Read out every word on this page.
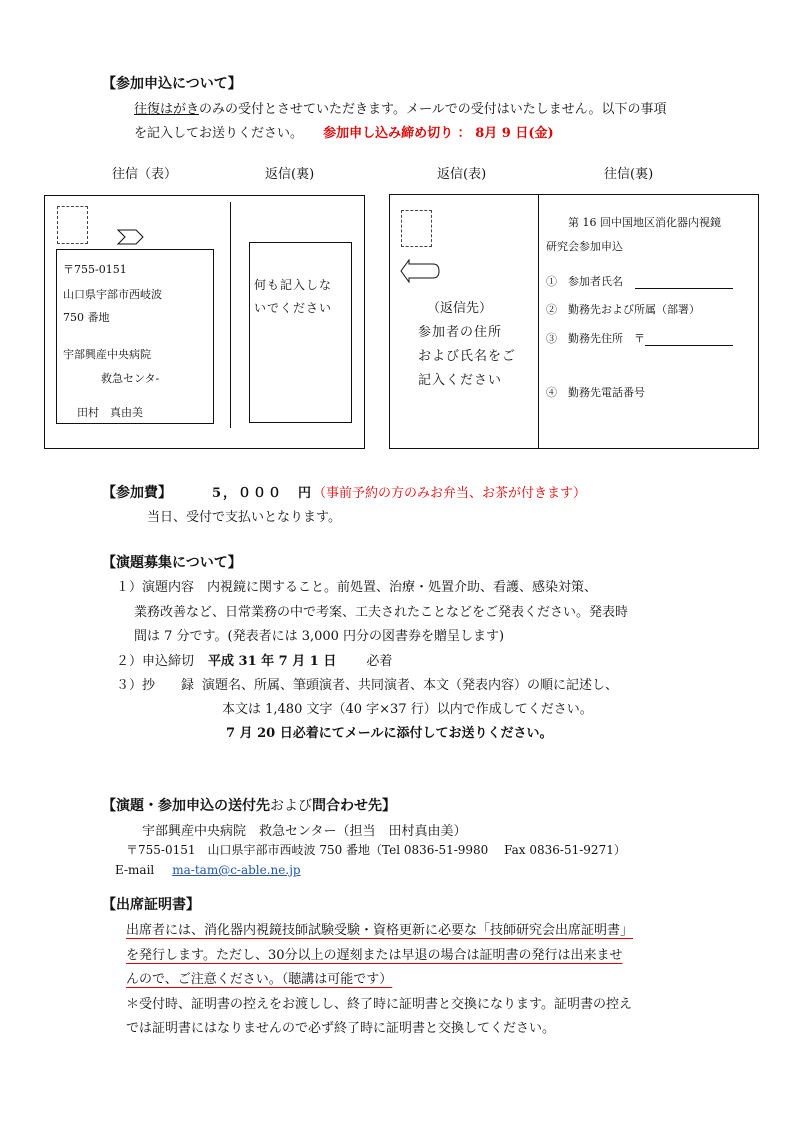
【参加申込について】
往復はがきのみの受付とさせていただきます。メールでの受付はいたしません。以下の事項
を記入してお送りください。 参加申し込み締め切り ： 8月 9 日(金)
往信（表）	返信(裏)	返信(表)	往信(裏)
〒755-0151
山口県宇部市西岐波
750 番地
宇部興産中央病院
救急センタ-
田村　真由美
何も記入しな
いでください	（返信先）
参加者の住所
および氏名をご
記入ください
第 16 回中国地区消化器内視鏡
研究会参加申込
①　参加者氏名
②　勤務先および所属（部署）
③　勤務先住所　〒
④　勤務先電話番号
【参加費】	5，０００　円（事前予約の方のみお弁当、お茶が付きます）
当日、受付で支払いとなります。
【演題募集について】
１）演題内容　内視鏡に関すること。前処置、治療・処置介助、看護、感染対策、
業務改善など、日常業務の中で考案、工夫されたことなどをご発表ください。発表時
間は 7 分です。(発表者には 3,000 円分の図書券を贈呈します)
２）申込締切 平成 31 年 7 月 1 日 必着
３）抄　　録 演題名、所属、筆頭演者、共同演者、本文（発表内容）の順に記述し、
本文は 1,480 文字（40 字×37 行）以内で作成してください。
7 月 20 日必着にてメールに添付してお送りください。
【演題・参加申込の送付先および問合わせ先】
宇部興産中央病院　救急センター（担当　田村真由美）
〒755-0151　山口県宇部市西岐波 750 番地（Tel 0836-51-9980　 Fax 0836-51-9271）
E-mail ma-tam@c-able.ne.jp
【出席証明書】
出席者には、消化器内視鏡技師試験受験・資格更新に必要な「技師研究会出席証明書」
を発行します。ただし、30分以上の遅刻または早退の場合は証明書の発行は出来ませ
んので、ご注意ください。（聴講は可能です）
＊受付時、証明書の控えをお渡しし、終了時に証明書と交換になります。証明書の控え
では証明書にはなりませんので必ず終了時に証明書と交換してください。
